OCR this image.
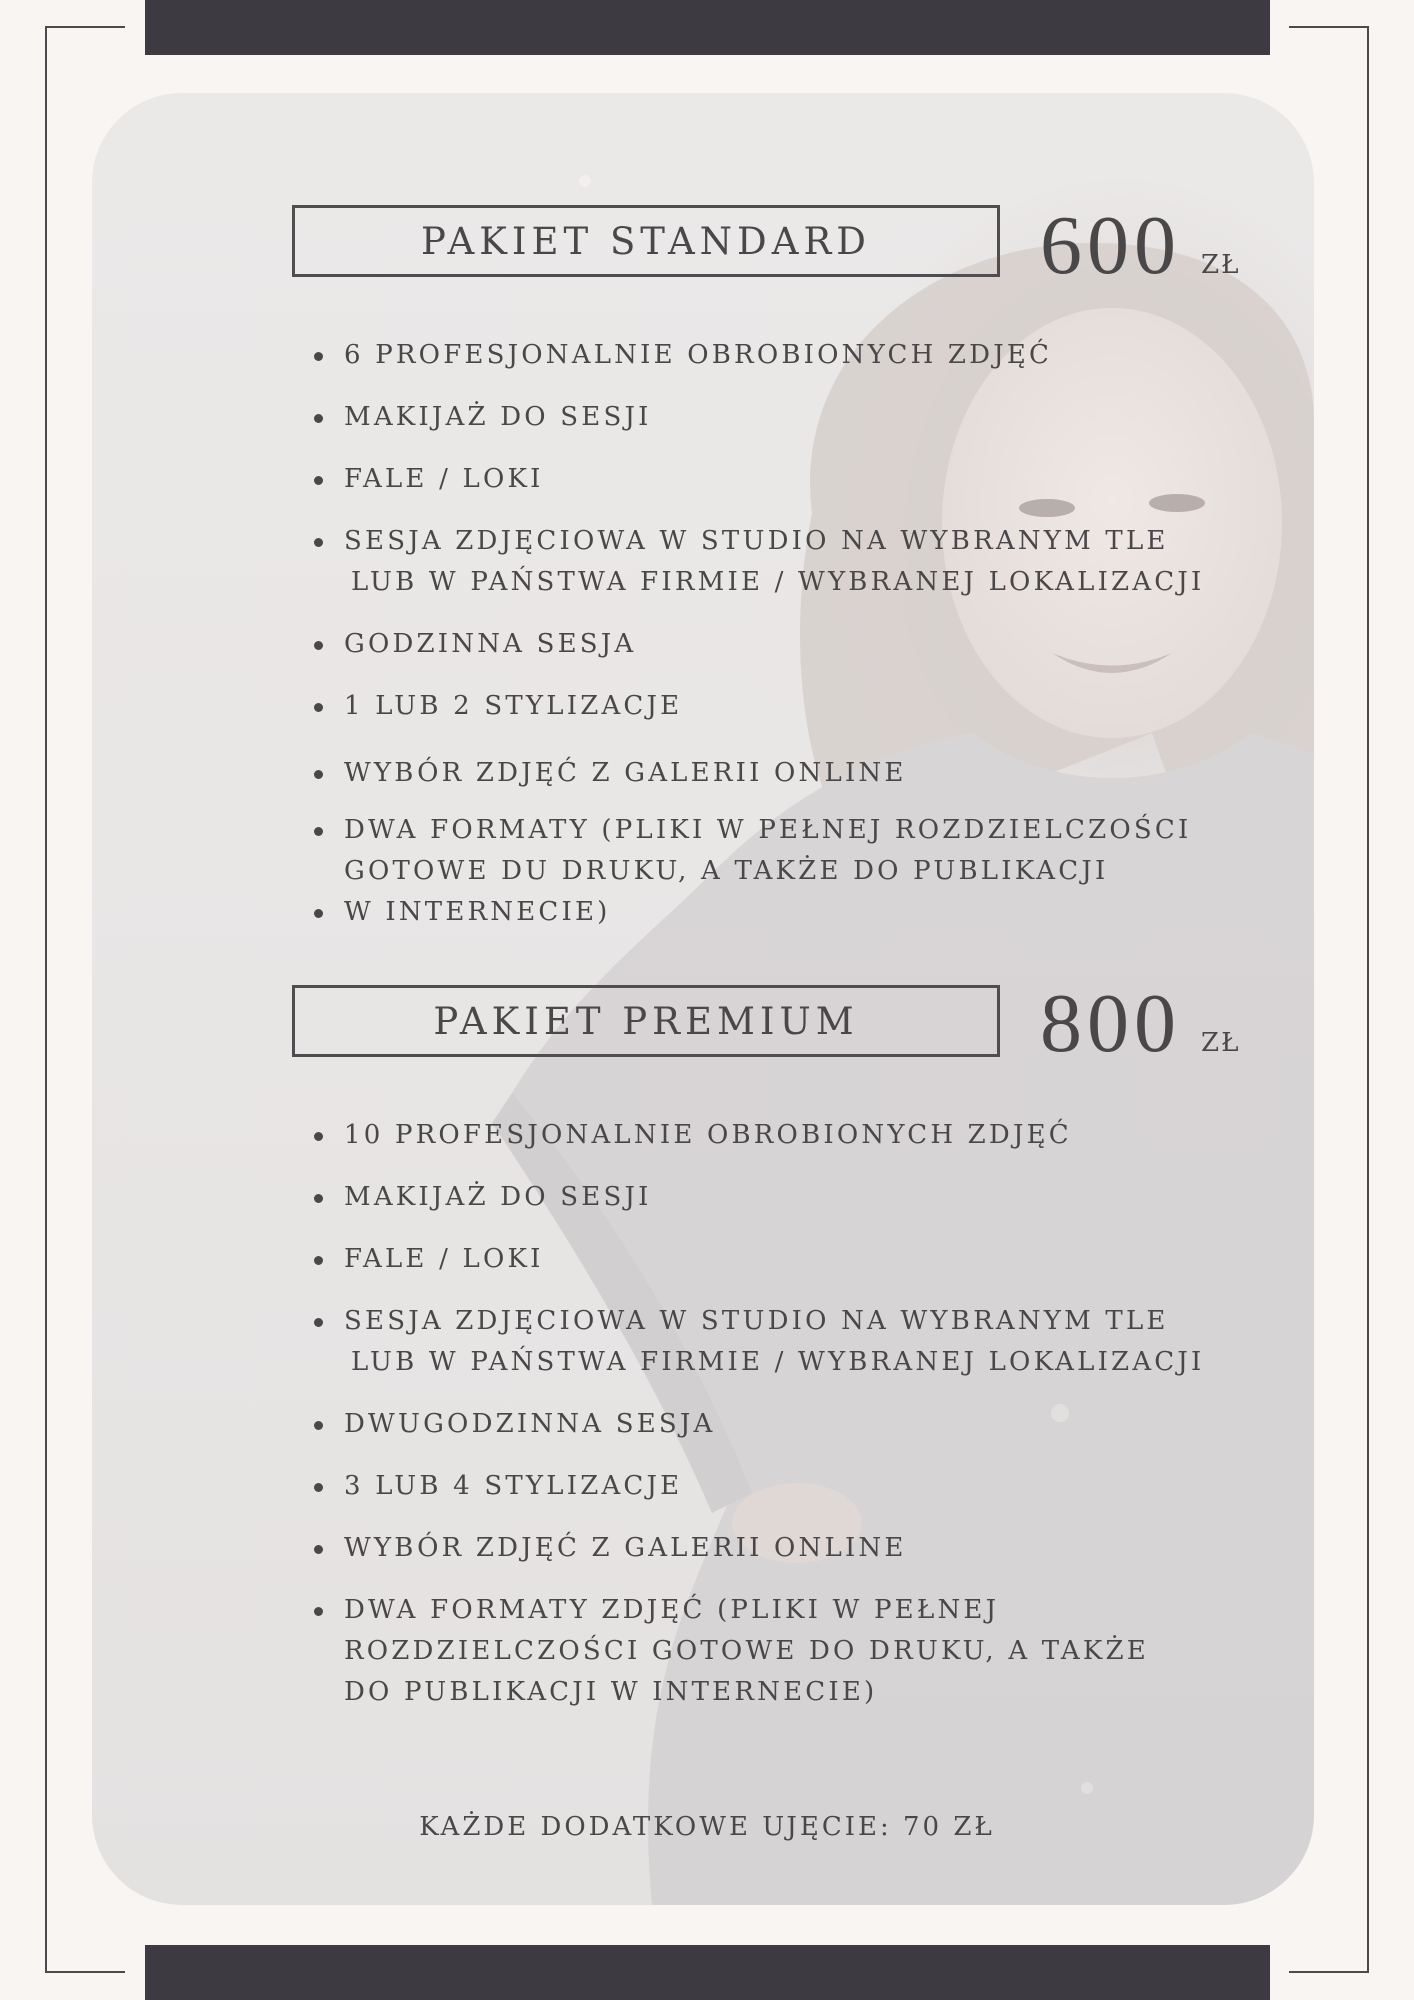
PAKIET STANDARD 600 ZŁ
6 PROFESJONALNIE OBROBIONYCH ZDJĘĆ
MAKIJAŻ DO SESJI
FALE / LOKI
SESJA ZDJĘCIOWA W STUDIO NA WYBRANYM TLE
LUB W PAŃSTWA FIRMIE / WYBRANEJ LOKALIZACJI
GODZINNA SESJA
1 LUB 2 STYLIZACJE
WYBÓR ZDJĘĆ Z GALERII ONLINE
DWA FORMATY (PLIKI W PEŁNEJ ROZDZIELCZOŚCI
GOTOWE DU DRUKU, A TAKŻE DO PUBLIKACJI
W INTERNECIE)
PAKIET PREMIUM 800 ZŁ
10 PROFESJONALNIE OBROBIONYCH ZDJĘĆ
MAKIJAŻ DO SESJI
FALE / LOKI
SESJA ZDJĘCIOWA W STUDIO NA WYBRANYM TLE
LUB W PAŃSTWA FIRMIE / WYBRANEJ LOKALIZACJI
DWUGODZINNA SESJA
3 LUB 4 STYLIZACJE
WYBÓR ZDJĘĆ Z GALERII ONLINE
DWA FORMATY ZDJĘĆ (PLIKI W PEŁNEJ
ROZDZIELCZOŚCI GOTOWE DO DRUKU, A TAKŻE
DO PUBLIKACJI W INTERNECIE)
KAŻDE DODATKOWE UJĘCIE: 70 ZŁ
